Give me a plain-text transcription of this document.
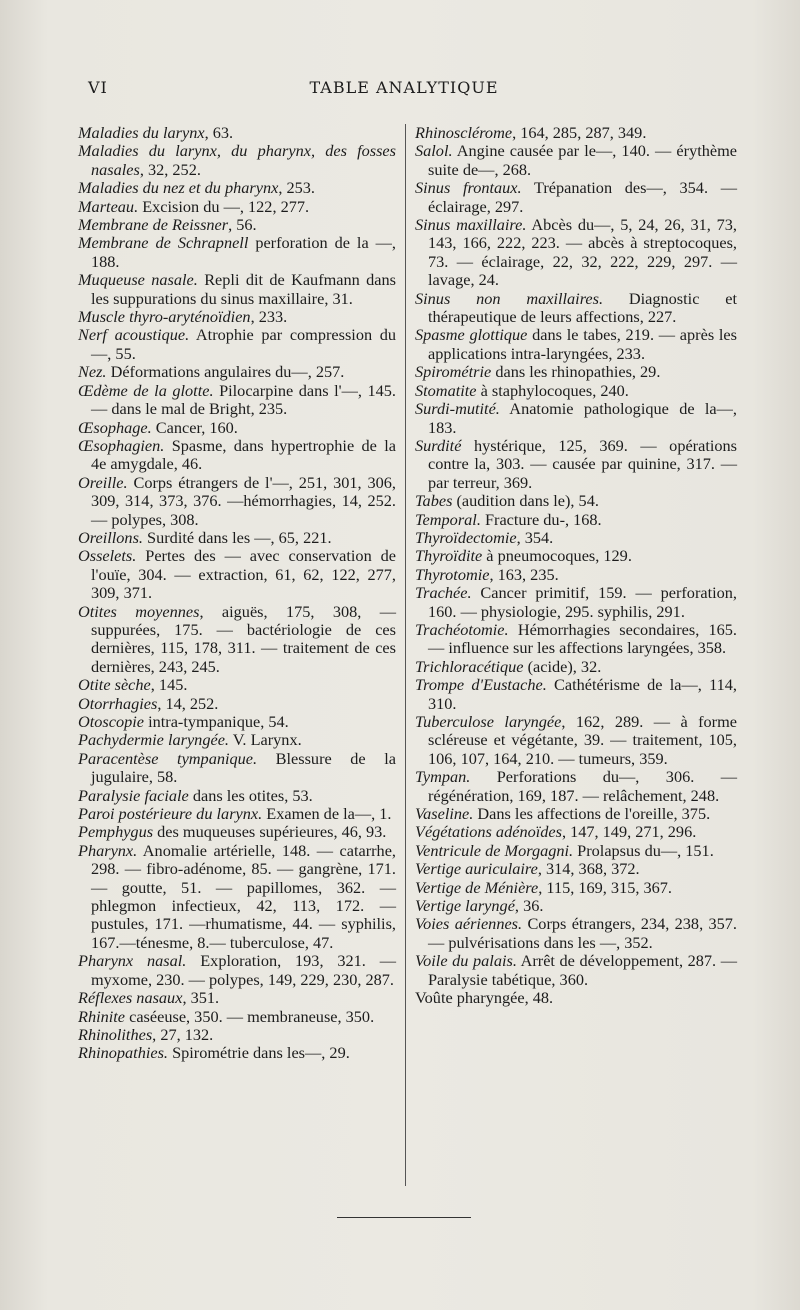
VI	TABLE ANALYTIQUE

Maladies du larynx, 63.

Maladies du larynx, du pharynx, des fosses nasales, 32, 252.

Maladies du nez et du pharynx, 253.

Marteau. Excision du —, 122, 277.

Membrane de Reissner, 56.

Membrane de Schrapnell perforation de la —, 188.

Muqueuse nasale. Repli dit de Kaufmann dans les suppurations du sinus maxillaire, 31.

Muscle thyro-aryténoïdien, 233.

Nerf acoustique. Atrophie par compression du —, 55.

Nez. Déformations angulaires du—, 257.

Œdème de la glotte. Pilocarpine dans l'—, 145. — dans le mal de Bright, 235.

Œsophage. Cancer, 160.

Œsophagien. Spasme, dans hypertrophie de la 4e amygdale, 46.

Oreille. Corps étrangers de l'—, 251, 301, 306, 309, 314, 373, 376. —hémorrhagies, 14, 252. — polypes, 308.

Oreillons. Surdité dans les —, 65, 221.

Osselets. Pertes des — avec conservation de l'ouïe, 304. — extraction, 61, 62, 122, 277, 309, 371.

Otites moyennes, aiguës, 175, 308, — suppurées, 175. — bactériologie de ces dernières, 115, 178, 311. — traitement de ces dernières, 243, 245.

Otite sèche, 145.

Otorrhagies, 14, 252.

Otoscopie intra-tympanique, 54.

Pachydermie laryngée. V. Larynx.

Paracentèse tympanique. Blessure de la jugulaire, 58.

Paralysie faciale dans les otites, 53.

Paroi postérieure du larynx. Examen de la—, 1.

Pemphygus des muqueuses supérieures, 46, 93.

Pharynx. Anomalie artérielle, 148. — catarrhe, 298. — fibro-adénome, 85. — gangrène, 171. — goutte, 51. — papillomes, 362. — phlegmon infectieux, 42, 113, 172. — pustules, 171. —rhumatisme, 44. — syphilis, 167.—ténesme, 8.— tuberculose, 47.

Pharynx nasal. Exploration, 193, 321. — myxome, 230. — polypes, 149, 229, 230, 287.

Réflexes nasaux, 351.

Rhinite caséeuse, 350. — membraneuse, 350.

Rhinolithes, 27, 132.

Rhinopathies. Spirométrie dans les—, 29.

Rhinosclérome, 164, 285, 287, 349.

Salol. Angine causée par le—, 140. — érythème suite de—, 268.

Sinus frontaux. Trépanation des—, 354. — éclairage, 297.

Sinus maxillaire. Abcès du—, 5, 24, 26, 31, 73, 143, 166, 222, 223. — abcès à streptocoques, 73. — éclairage, 22, 32, 222, 229, 297. — lavage, 24.

Sinus non maxillaires. Diagnostic et thérapeutique de leurs affections, 227.

Spasme glottique dans le tabes, 219. — après les applications intra-laryngées, 233.

Spirométrie dans les rhinopathies, 29.

Stomatite à staphylocoques, 240.

Surdi-mutité. Anatomie pathologique de la—, 183.

Surdité hystérique, 125, 369. — opérations contre la, 303. — causée par quinine, 317. — par terreur, 369.

Tabes (audition dans le), 54.

Temporal. Fracture du-, 168.

Thyroïdectomie, 354.

Thyroïdite à pneumocoques, 129.

Thyrotomie, 163, 235.

Trachée. Cancer primitif, 159. — perforation, 160. — physiologie, 295. syphilis, 291.

Trachéotomie. Hémorrhagies secondaires, 165. — influence sur les affections laryngées, 358.

Trichloracétique (acide), 32.

Trompe d'Eustache. Cathétérisme de la—, 114, 310.

Tuberculose laryngée, 162, 289. — à forme scléreuse et végétante, 39. — traitement, 105, 106, 107, 164, 210. — tumeurs, 359.

Tympan. Perforations du—, 306. — régénération, 169, 187. — relâchement, 248.

Vaseline. Dans les affections de l'oreille, 375.

Végétations adénoïdes, 147, 149, 271, 296.

Ventricule de Morgagni. Prolapsus du—, 151.

Vertige auriculaire, 314, 368, 372.

Vertige de Ménière, 115, 169, 315, 367.

Vertige laryngé, 36.

Voies aériennes. Corps étrangers, 234, 238, 357. — pulvérisations dans les —, 352.

Voile du palais. Arrêt de développement, 287. — Paralysie tabétique, 360.

Voûte pharyngée, 48.
